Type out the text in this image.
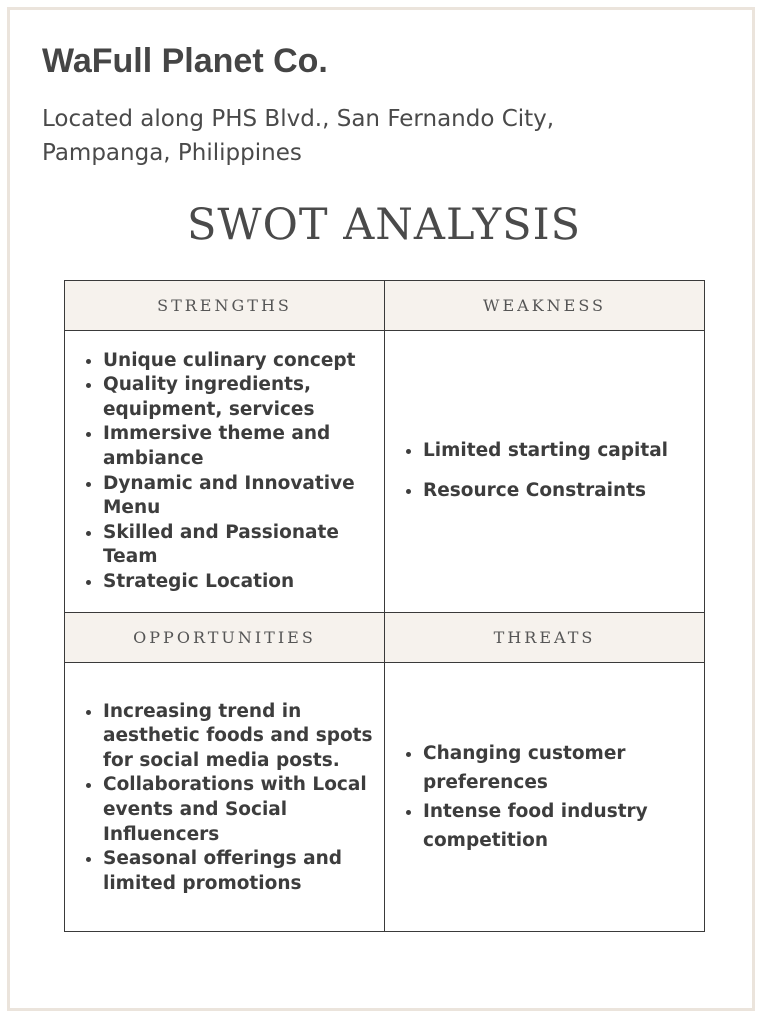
WaFull Planet Co.

Located along PHS Blvd., San Fernando City, Pampanga, Philippines

SWOT ANALYSIS
STRENGTHS	WEAKNESS
• Unique culinary concept
• Quality ingredients, equipment, services
• Immersive theme and ambiance
• Dynamic and Innovative Menu
• Skilled and Passionate Team
• Strategic Location
• Limited starting capital
• Resource Constraints
OPPORTUNITIES	THREATS
• Increasing trend in aesthetic foods and spots for social media posts.
• Collaborations with Local events and Social Influencers
• Seasonal offerings and limited promotions
• Changing customer preferences
• Intense food industry competition
